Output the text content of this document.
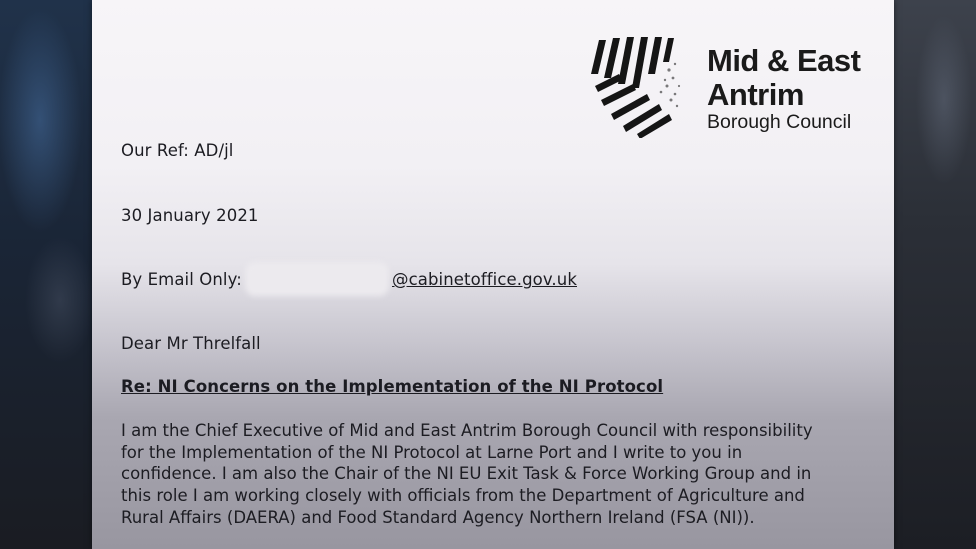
Mid & East
Antrim
Borough Council
Our Ref: AD/jl
30 January 2021
By Email Only:	@cabinetoffice.gov.uk
Dear Mr Threlfall
Re: NI Concerns on the Implementation of the NI Protocol
I am the Chief Executive of Mid and East Antrim Borough Council with responsibility
for the Implementation of the NI Protocol at Larne Port and I write to you in
confidence. I am also the Chair of the NI EU Exit Task & Force Working Group and in
this role I am working closely with officials from the Department of Agriculture and
Rural Affairs (DAERA) and Food Standard Agency Northern Ireland (FSA (NI)).
